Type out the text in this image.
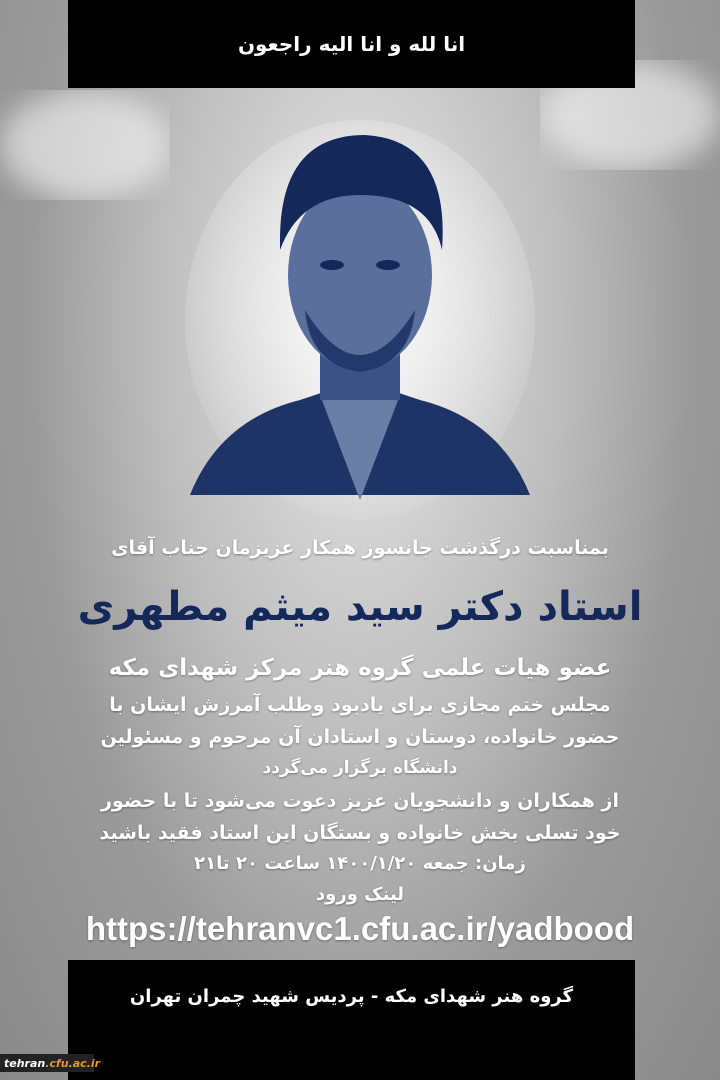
انا لله و انا الیه راجعون
بمناسبت درگذشت جانسوز همکار عزیزمان جناب آقای
استاد دکتر سید میثم مطهری
عضو هیات علمی گروه هنر مرکز شهدای مکه
مجلس ختم مجازی برای یادبود وطلب آمرزش ایشان با
حضور خانواده، دوستان و استادان آن مرحوم و مسئولین
دانشگاه برگزار می‌گردد
از همکاران و دانشجویان عزیز دعوت می‌شود تا با حضور
خود تسلی بخش خانواده و بستگان این استاد فقید باشید
زمان: جمعه ۱۴۰۰/۱/۲۰ ساعت ۲۰ تا۲۱
لینک ورود
https://tehranvc1.cfu.ac.ir/yadbood
گروه هنر شهدای مکه - پردیس شهید چمران تهران
tehran .cfu.ac.ir
